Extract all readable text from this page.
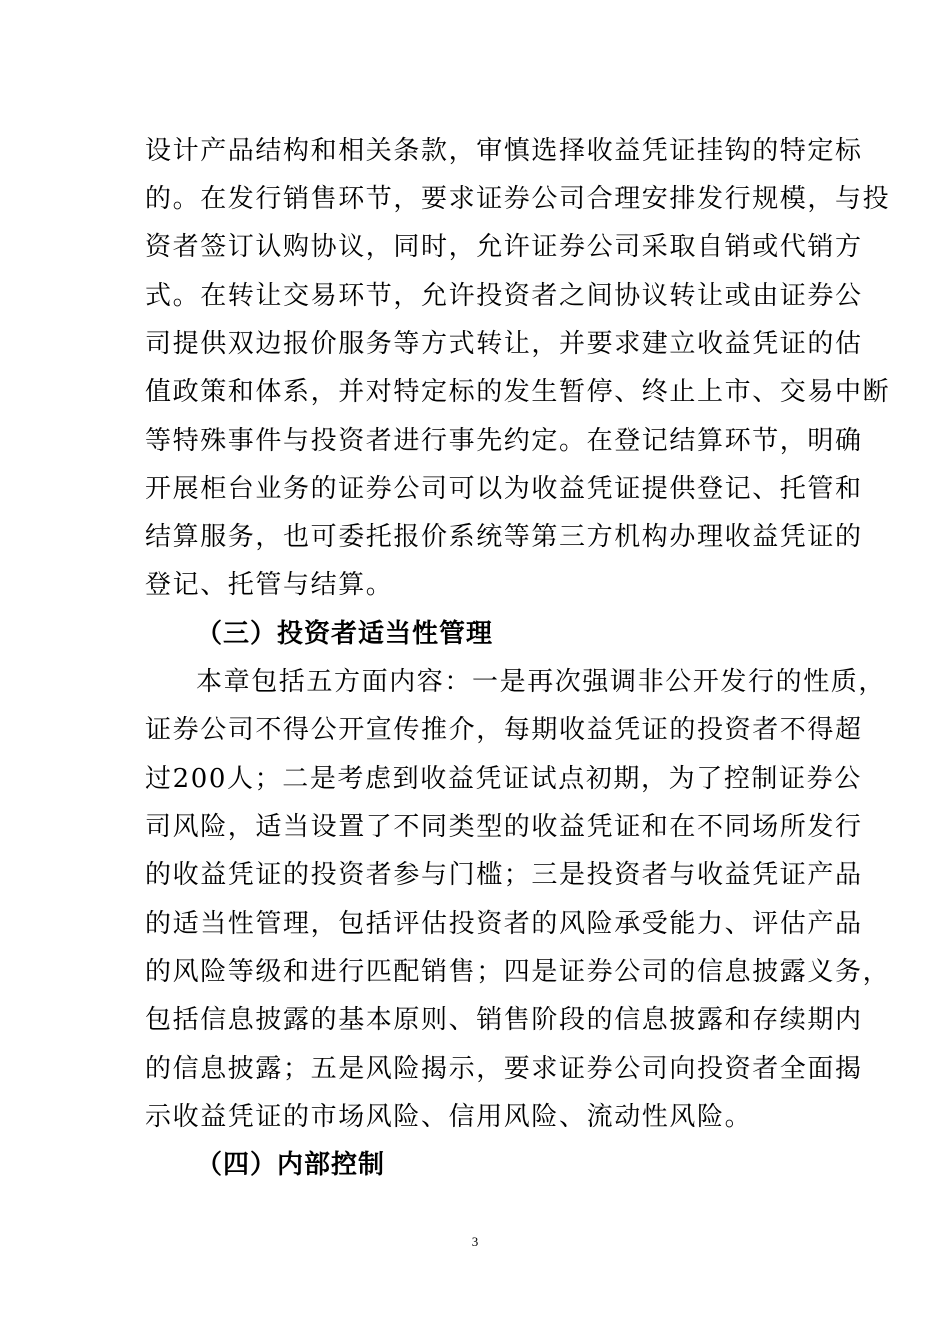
设计产品结构和相关条款，审慎选择收益凭证挂钩的特定标
的。在发行销售环节，要求证券公司合理安排发行规模，与投
资者签订认购协议，同时，允许证券公司采取自销或代销方
式。在转让交易环节，允许投资者之间协议转让或由证券公
司提供双边报价服务等方式转让，并要求建立收益凭证的估
值政策和体系，并对特定标的发生暂停、终止上市、交易中断
等特殊事件与投资者进行事先约定。在登记结算环节，明确
开展柜台业务的证券公司可以为收益凭证提供登记、托管和
结算服务，也可委托报价系统等第三方机构办理收益凭证的
登记、托管与结算。
（三）投资者适当性管理
本章包括五方面内容：一是再次强调非公开发行的性质，
证券公司不得公开宣传推介，每期收益凭证的投资者不得超
过200人；二是考虑到收益凭证试点初期，为了控制证券公
司风险，适当设置了不同类型的收益凭证和在不同场所发行
的收益凭证的投资者参与门槛；三是投资者与收益凭证产品
的适当性管理，包括评估投资者的风险承受能力、评估产品
的风险等级和进行匹配销售；四是证券公司的信息披露义务，
包括信息披露的基本原则、销售阶段的信息披露和存续期内
的信息披露；五是风险揭示，要求证券公司向投资者全面揭
示收益凭证的市场风险、信用风险、流动性风险。
（四）内部控制
3
